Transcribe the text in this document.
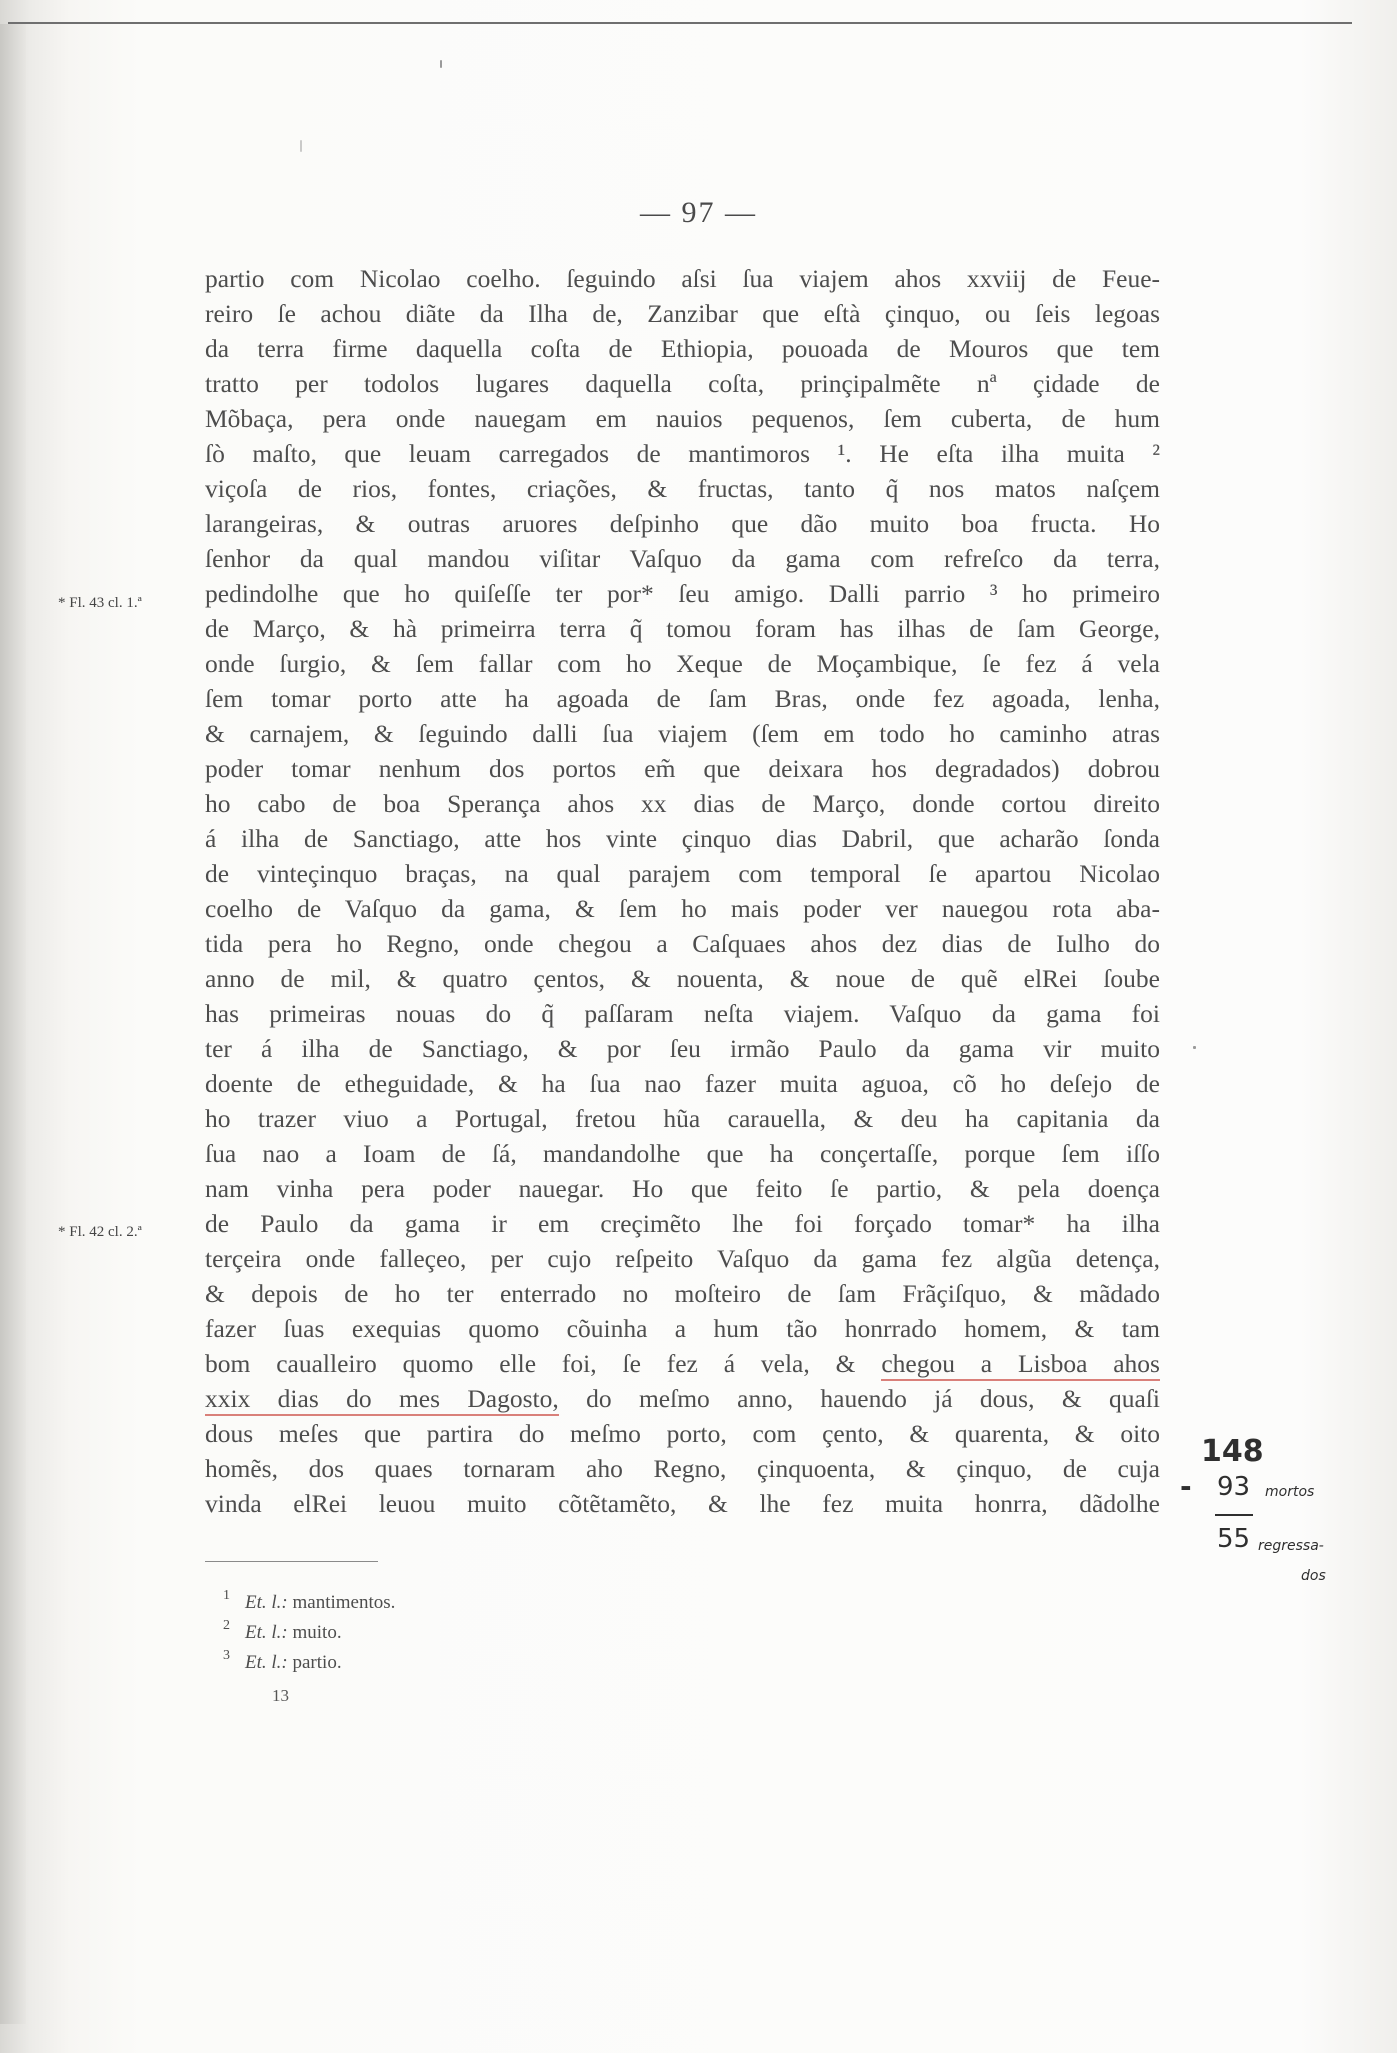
— 97 —
partio com Nicolao coelho. ſeguindo aſsi ſua viajem ahos xxviij de Feue-
reiro ſe achou diãte da Ilha de, Zanzibar que eſtà çinquo, ou ſeis legoas
da terra firme daquella coſta de Ethiopia, pouoada de Mouros que tem
tratto per todolos lugares daquella coſta, prinçipalmẽte nª çidade de
Mõbaça, pera onde nauegam em nauios pequenos, ſem cuberta, de hum
ſò maſto, que leuam carregados de mantimoros ¹. He eſta ilha muita ²
viçoſa de rios, fontes, criações, & fructas, tanto q̃ nos matos naſçem
larangeiras, & outras aruores deſpinho que dão muito boa fructa. Ho
ſenhor da qual mandou viſitar Vaſquo da gama com refreſco da terra,
pedindolhe que ho quiſeſſe ter por* ſeu amigo. Dalli parrio ³ ho primeiro
de Março, & hà primeirra terra q̃ tomou foram has ilhas de ſam George,
onde ſurgio, & ſem fallar com ho Xeque de Moçambique, ſe fez á vela
ſem tomar porto atte ha agoada de ſam Bras, onde fez agoada, lenha,
& carnajem, & ſeguindo dalli ſua viajem (ſem em todo ho caminho atras
poder tomar nenhum dos portos em̃ que deixara hos degradados) dobrou
ho cabo de boa Sperança ahos xx dias de Março, donde cortou direito
á ilha de Sanctiago, atte hos vinte çinquo dias Dabril, que acharão ſonda
de vinteçinquo braças, na qual parajem com temporal ſe apartou Nicolao
coelho de Vaſquo da gama, & ſem ho mais poder ver nauegou rota aba-
tida pera ho Regno, onde chegou a Caſquaes ahos dez dias de Iulho do
anno de mil, & quatro çentos, & nouenta, & noue de quẽ elRei ſoube
has primeiras nouas do q̃ paſſaram neſta viajem. Vaſquo da gama foi
ter á ilha de Sanctiago, & por ſeu irmão Paulo da gama vir muito
doente de etheguidade, & ha ſua nao fazer muita aguoa, cõ ho deſejo de
ho trazer viuo a Portugal, fretou hũa carauella, & deu ha capitania da
ſua nao a Ioam de ſá, mandandolhe que ha conçertaſſe, porque ſem iſſo
nam vinha pera poder nauegar. Ho que feito ſe partio, & pela doença
de Paulo da gama ir em creçimẽto lhe foi forçado tomar* ha ilha
terçeira onde falleçeo, per cujo reſpeito Vaſquo da gama fez algũa detença,
& depois de ho ter enterrado no moſteiro de ſam Frãçiſquo, & mãdado
fazer ſuas exequias quomo cõuinha a hum tão honrrado homem, & tam
bom caualleiro quomo elle foi, ſe fez á vela, & chegou a Lisboa ahos
xxix dias do mes Dagosto, do meſmo anno, hauendo já dous, & quaſi
dous meſes que partira do meſmo porto, com çento, & quarenta, & oito
homẽs, dos quaes tornaram aho Regno, çinquoenta, & çinquo, de cuja
vinda elRei leuou muito cõtẽtamẽto, & lhe fez muita honrra, dãdolhe
* Fl. 43 cl. 1.ª
* Fl. 42 cl. 2.ª
1 Et. l.: mantimentos.
2 Et. l.: muito.
3 Et. l.: partio.
13
148
- 93 mortos
55 regressa-
dos
